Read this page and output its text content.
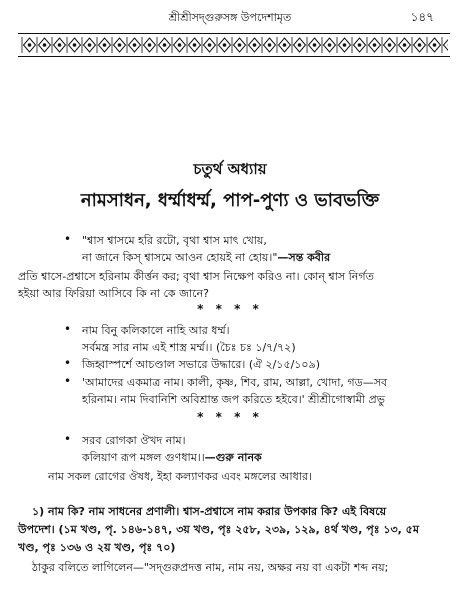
শ্রীশ্রীসদ্গুরুসঙ্গ উপদেশামৃত	১৪৭
চতুর্থ অধ্যায়
নামসাধন, ধর্ম্মাধর্ম্ম, পাপ-পুণ্য ও ভাবভক্তি
• "শ্বাস শ্বাসমে হরি রটো, বৃথা শ্বাস মাৎ খোয়,
না জানে কিস্ শ্বাসমে আওন হোয়ই না হোয়।"—সন্ত কবীর
প্রতি শ্বাসে-প্রশ্বাসে হরিনাম কীর্ত্তন কর; বৃথা শ্বাস নিক্ষেপ করিও না। কোন্ শ্বাস নির্গত
হইয়া আর ফিরিয়া আসিবে কি না কে জানে?
* * * *
• নাম বিনু কলিকালে নাহি আর ধর্ম্ম।
সর্বমন্ত্র সার নাম এই শাস্ত্র মর্ম্ম।। (চৈঃ চঃ ১/৭/৭২)
• জিহ্বাস্পর্শে আচণ্ডাল সভারে উদ্ধারে। (ঐ ২/১৫/১০৯)
• 'আমাদের একমাত্র নাম। কালী, কৃষ্ণ, শিব, রাম, আল্লা, খোদা, গড—সব
হরিনাম। নাম দিবানিশি অবিশ্রান্ত জপ করিতে হইবে।' শ্রীশ্রীগোস্বামী প্রভু
* * * *
• সরব রোগকা ঔখদ নাম।
কলিয়াণ রূপ মঙ্গল গুণধাম।।—গুরু নানক
নাম সকল রোগের ঔষধ, ইহা কল্যাণকর এবং মঙ্গলের আধার।
১) নাম কি? নাম সাধনের প্রণালী। শ্বাস-প্রশ্বাসে নাম করার উপকার কি? এই বিষয়ে
উপদেশ। (১ম খণ্ড, পৃ. ১৪৬-১৪৭, ৩য় খণ্ড, পৃঃ ২৫৮, ২৩৯, ১২৯, ৪র্থ খণ্ড, পৃঃ ১৩, ৫ম
খণ্ড, পৃঃ ১৩৬ ও ২য় খণ্ড, পৃঃ ৭০)
ঠাকুর বলিতে লাগিলেন—"সদ্গুরুপ্রদত্ত নাম, নাম নয়, অক্ষর নয় বা একটা শব্দ নয়;
